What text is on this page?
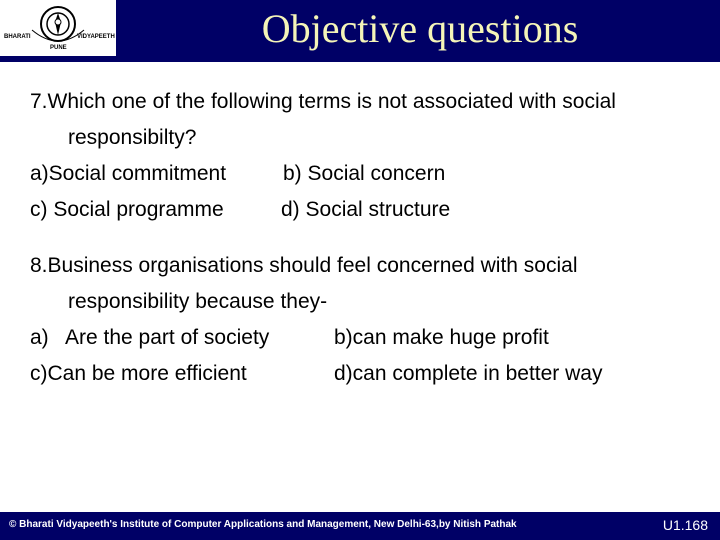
BHARATI	VIDYAPEETH
PUNE	Objective questions

7.Which one of the following terms is not associated with social
responsibilty?

a)Social commitment	b) Social concern
c) Social programme	d) Social structure

8.Business organisations should feel concerned with social
responsibility because they-

a)   Are the part of society	b)can make huge profit
c)Can be more efficient	d)can complete in better way
© Bharati Vidyapeeth's Institute of Computer Applications and Management, New Delhi-63,by Nitish Pathak	U1.168
